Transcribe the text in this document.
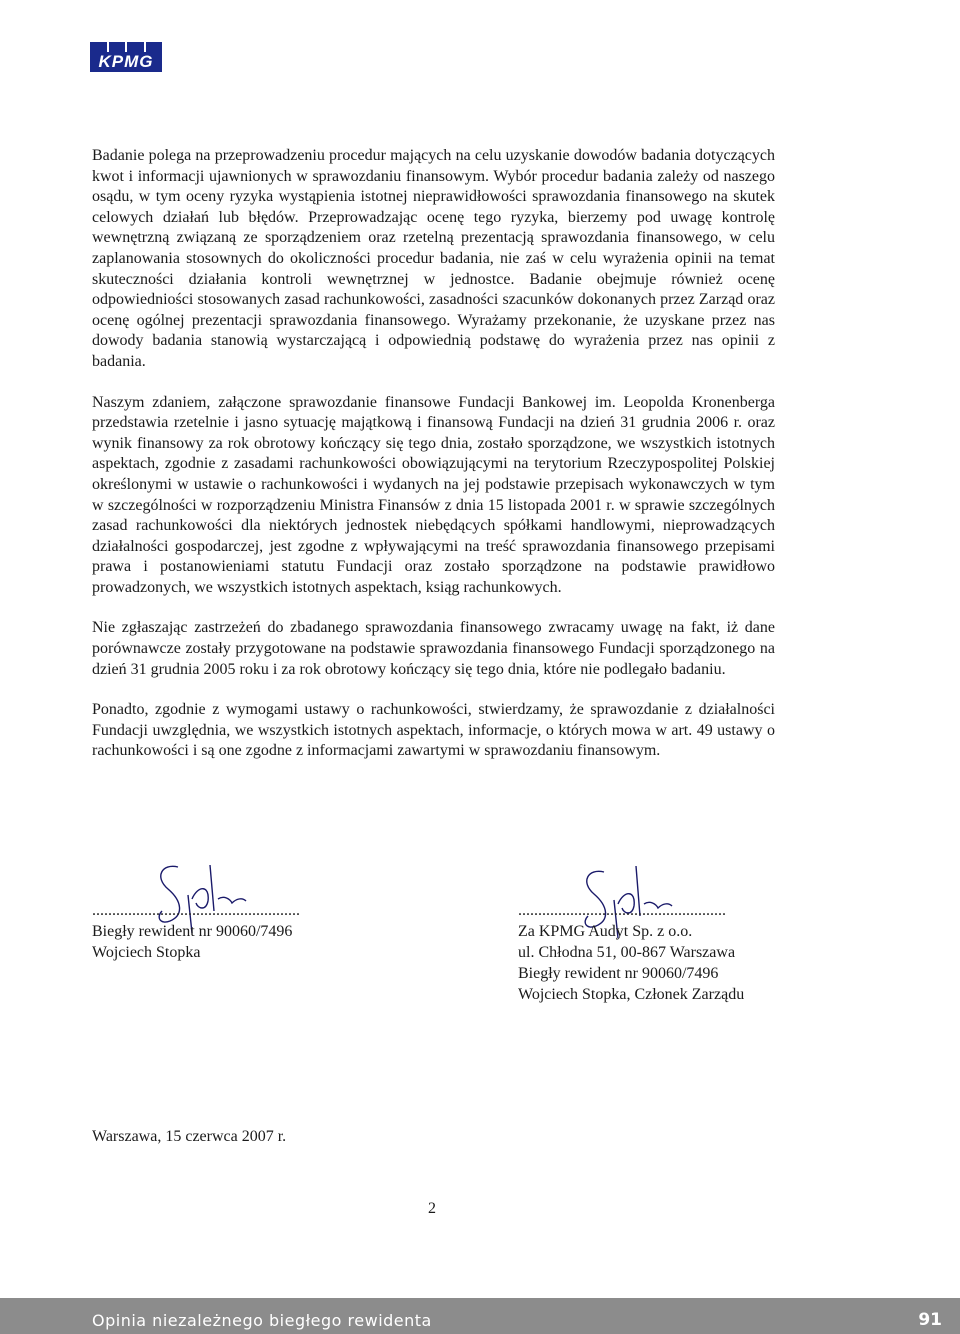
KPMG

Badanie polega na przeprowadzeniu procedur mających na celu uzyskanie dowodów badania dotyczących kwot i informacji ujawnionych w sprawozdaniu finansowym. Wybór procedur badania zależy od naszego osądu, w tym oceny ryzyka wystąpienia istotnej nieprawidłowości sprawozdania finansowego na skutek celowych działań lub błędów. Przeprowadzając ocenę tego ryzyka, bierzemy pod uwagę kontrolę wewnętrzną związaną ze sporządzeniem oraz rzetelną prezentacją sprawozdania finansowego, w celu zaplanowania stosownych do okoliczności procedur badania, nie zaś w celu wyrażenia opinii na temat skuteczności działania kontroli wewnętrznej w jednostce. Badanie obejmuje również ocenę odpowiedniości stosowanych zasad rachunkowości, zasadności szacunków dokonanych przez Zarząd oraz ocenę ogólnej prezentacji sprawozdania finansowego. Wyrażamy przekonanie, że uzyskane przez nas dowody badania stanowią wystarczającą i odpowiednią podstawę do wyrażenia przez nas opinii z badania.

Naszym zdaniem, załączone sprawozdanie finansowe Fundacji Bankowej im. Leopolda Kronenberga przedstawia rzetelnie i jasno sytuację majątkową i finansową Fundacji na dzień 31 grudnia 2006 r. oraz wynik finansowy za rok obrotowy kończący się tego dnia, zostało sporządzone, we wszystkich istotnych aspektach, zgodnie z zasadami rachunkowości obowiązującymi na terytorium Rzeczypospolitej Polskiej określonymi w ustawie o rachunkowości i wydanych na jej podstawie przepisach wykonawczych w tym w szczególności w rozporządzeniu Ministra Finansów z dnia 15 listopada 2001 r. w sprawie szczególnych zasad rachunkowości dla niektórych jednostek niebędących spółkami handlowymi, nieprowadzących działalności gospodarczej, jest zgodne z wpływającymi na treść sprawozdania finansowego przepisami prawa i postanowieniami statutu Fundacji oraz zostało sporządzone na podstawie prawidłowo prowadzonych, we wszystkich istotnych aspektach, ksiąg rachunkowych.

Nie zgłaszając zastrzeżeń do zbadanego sprawozdania finansowego zwracamy uwagę na fakt, iż dane porównawcze zostały przygotowane na podstawie sprawozdania finansowego Fundacji sporządzonego na dzień 31 grudnia 2005 roku i za rok obrotowy kończący się tego dnia, które nie podlegało badaniu.

Ponadto, zgodnie z wymogami ustawy o rachunkowości, stwierdzamy, że sprawozdanie z działalności Fundacji uwzględnia, we wszystkich istotnych aspektach, informacje, o których mowa w art. 49 ustawy o rachunkowości i są one zgodne z informacjami zawartymi w sprawozdaniu finansowym.

....................................................
Biegły rewident nr 90060/7496
Wojciech Stopka
....................................................
Za KPMG Audyt Sp. z o.o.
ul. Chłodna 51, 00-867 Warszawa
Biegły rewident nr 90060/7496
Wojciech Stopka, Członek Zarządu
Warszawa, 15 czerwca 2007 r.
2
Opinia niezależnego biegłego rewidenta	91
